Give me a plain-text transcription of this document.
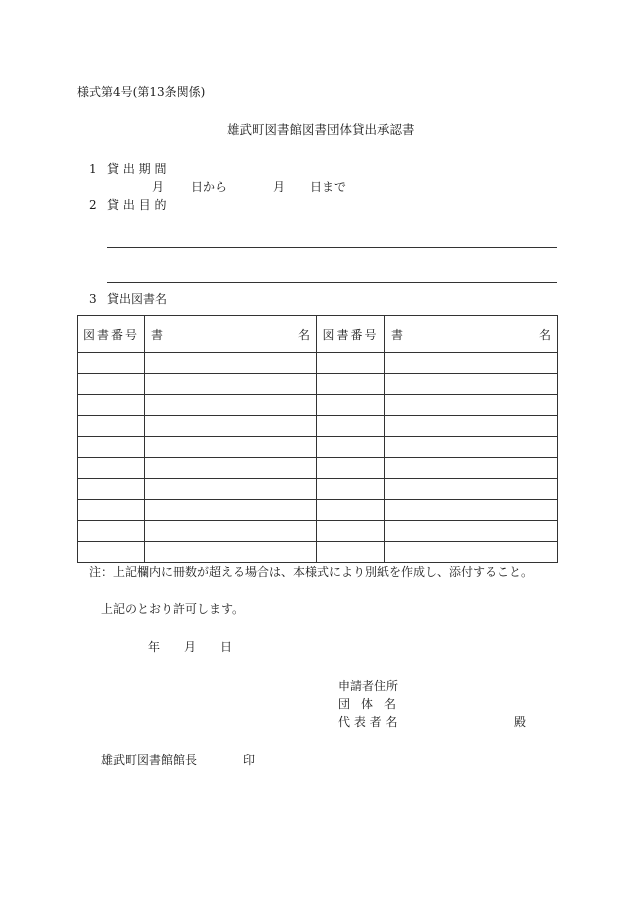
様式第4号(第13条関係)
雄武町図書館図書団体貸出承認書
1 貸 出 期 間
月 日から	月 日まで
2 貸 出 目 的
3 貸出図書名
図書番号	書 名	図書番号	書 名

注：上記欄内に冊数が超える場合は、本様式により別紙を作成し、添付すること。
上記のとおり許可します。
年 月 日
申請者住所
団 体 名
代 表 者 名	殿
雄武町図書館館長	印
